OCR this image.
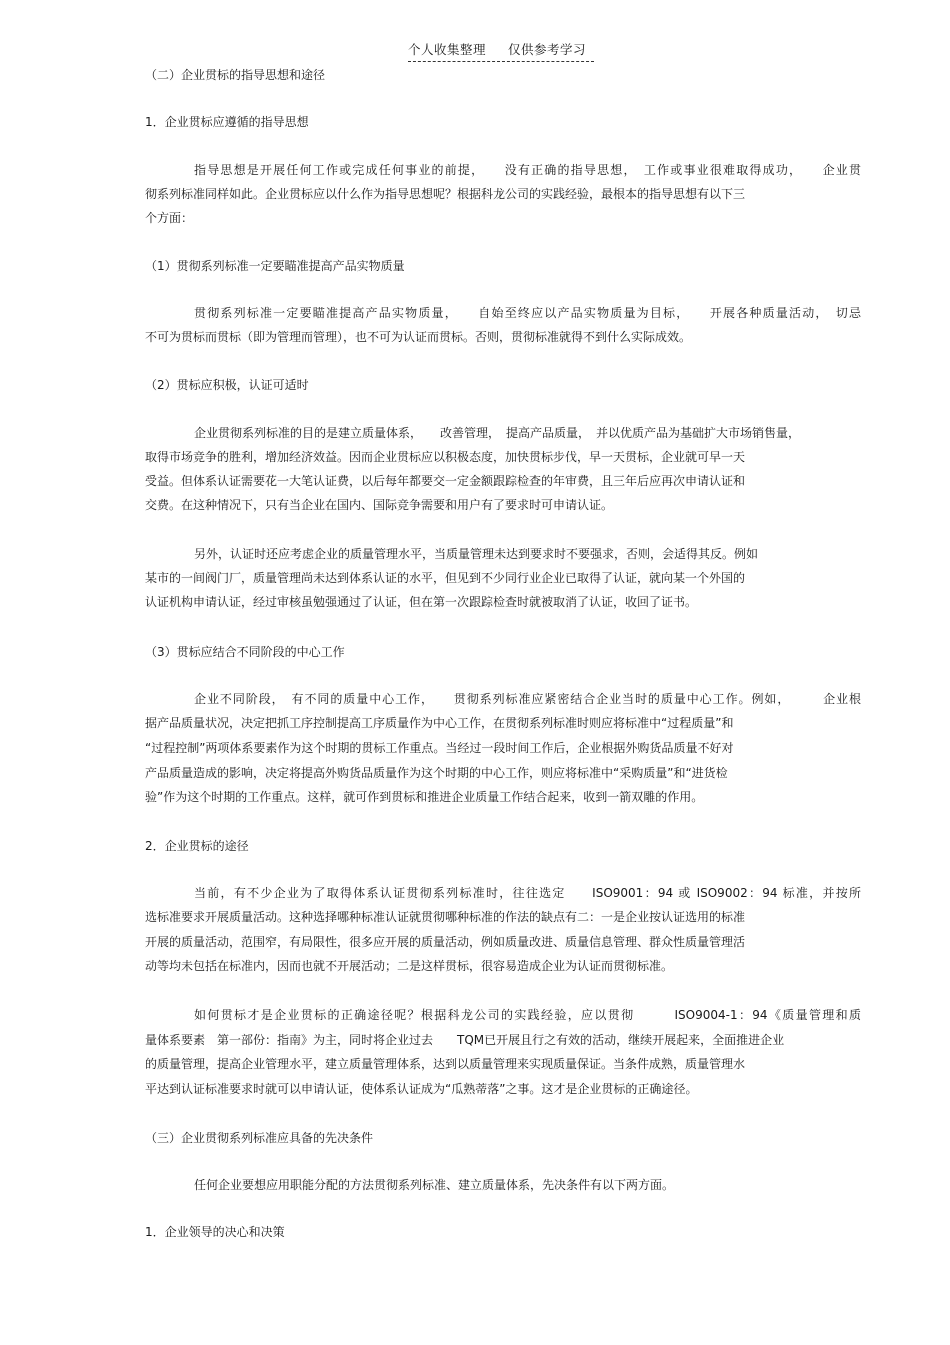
个人收集整理 仅供参考学习
（二）企业贯标的指导思想和途径
1．企业贯标应遵循的指导思想
指导思想是开展任何工作或完成任何事业的前提，　　没有正确的指导思想，　工作或事业很难取得成功，　　企业贯
彻系列标准同样如此。企业贯标应以什么作为指导思想呢？根据科龙公司的实践经验，最根本的指导思想有以下三
个方面：
（1）贯彻系列标准一定要瞄准提高产品实物质量
贯彻系列标准一定要瞄准提高产品实物质量，　　自始至终应以产品实物质量为目标，　　开展各种质量活动，　切忌
不可为贯标而贯标（即为管理而管理），也不可为认证而贯标。否则，贯彻标准就得不到什么实际成效。
（2）贯标应积极，认证可适时
企业贯彻系列标准的目的是建立质量体系，　　改善管理，　提高产品质量，　并以优质产品为基础扩大市场销售量，
取得市场竞争的胜利，增加经济效益。因而企业贯标应以积极态度，加快贯标步伐，早一天贯标，企业就可早一天
受益。但体系认证需要花一大笔认证费，以后每年都要交一定金额跟踪检查的年审费，且三年后应再次申请认证和
交费。在这种情况下，只有当企业在国内、国际竞争需要和用户有了要求时可申请认证。
另外，认证时还应考虑企业的质量管理水平，当质量管理未达到要求时不要强求，否则，会适得其反。例如
某市的一间阀门厂，质量管理尚未达到体系认证的水平，但见到不少同行业企业已取得了认证，就向某一个外国的
认证机构申请认证，经过审核虽勉强通过了认证，但在第一次跟踪检查时就被取消了认证，收回了证书。
（3）贯标应结合不同阶段的中心工作
企业不同阶段，　有不同的质量中心工作，　　贯彻系列标准应紧密结合企业当时的质量中心工作。例如，　　　企业根
据产品质量状况，决定把抓工序控制提高工序质量作为中心工作，在贯彻系列标准时则应将标准中“过程质量”和
“过程控制”两项体系要素作为这个时期的贯标工作重点。当经过一段时间工作后，企业根据外购货品质量不好对
产品质量造成的影响，决定将提高外购货品质量作为这个时期的中心工作，则应将标准中“采购质量”和“进货检
验”作为这个时期的工作重点。这样，就可作到贯标和推进企业质量工作结合起来，收到一箭双雕的作用。
2．企业贯标的途径
当前，有不少企业为了取得体系认证贯彻系列标准时，往往选定　　ISO9001：94 或 ISO9002：94 标准，并按所
选标准要求开展质量活动。这种选择哪种标准认证就贯彻哪种标准的作法的缺点有二：一是企业按认证选用的标准
开展的质量活动，范围窄，有局限性，很多应开展的质量活动，例如质量改进、质量信息管理、群众性质量管理活
动等均未包括在标准内，因而也就不开展活动；二是这样贯标，很容易造成企业为认证而贯彻标准。
如何贯标才是企业贯标的正确途径呢？根据科龙公司的实践经验，应以贯彻　　　ISO9004-1：94《质量管理和质
量体系要素　第一部份：指南》为主，同时将企业过去　　TQM已开展且行之有效的活动，继续开展起来，全面推进企业
的质量管理，提高企业管理水平，建立质量管理体系，达到以质量管理来实现质量保证。当条件成熟，质量管理水
平达到认证标准要求时就可以申请认证，使体系认证成为“瓜熟蒂落”之事。这才是企业贯标的正确途径。
（三）企业贯彻系列标准应具备的先决条件
任何企业要想应用职能分配的方法贯彻系列标准、建立质量体系，先决条件有以下两方面。
1．企业领导的决心和决策
